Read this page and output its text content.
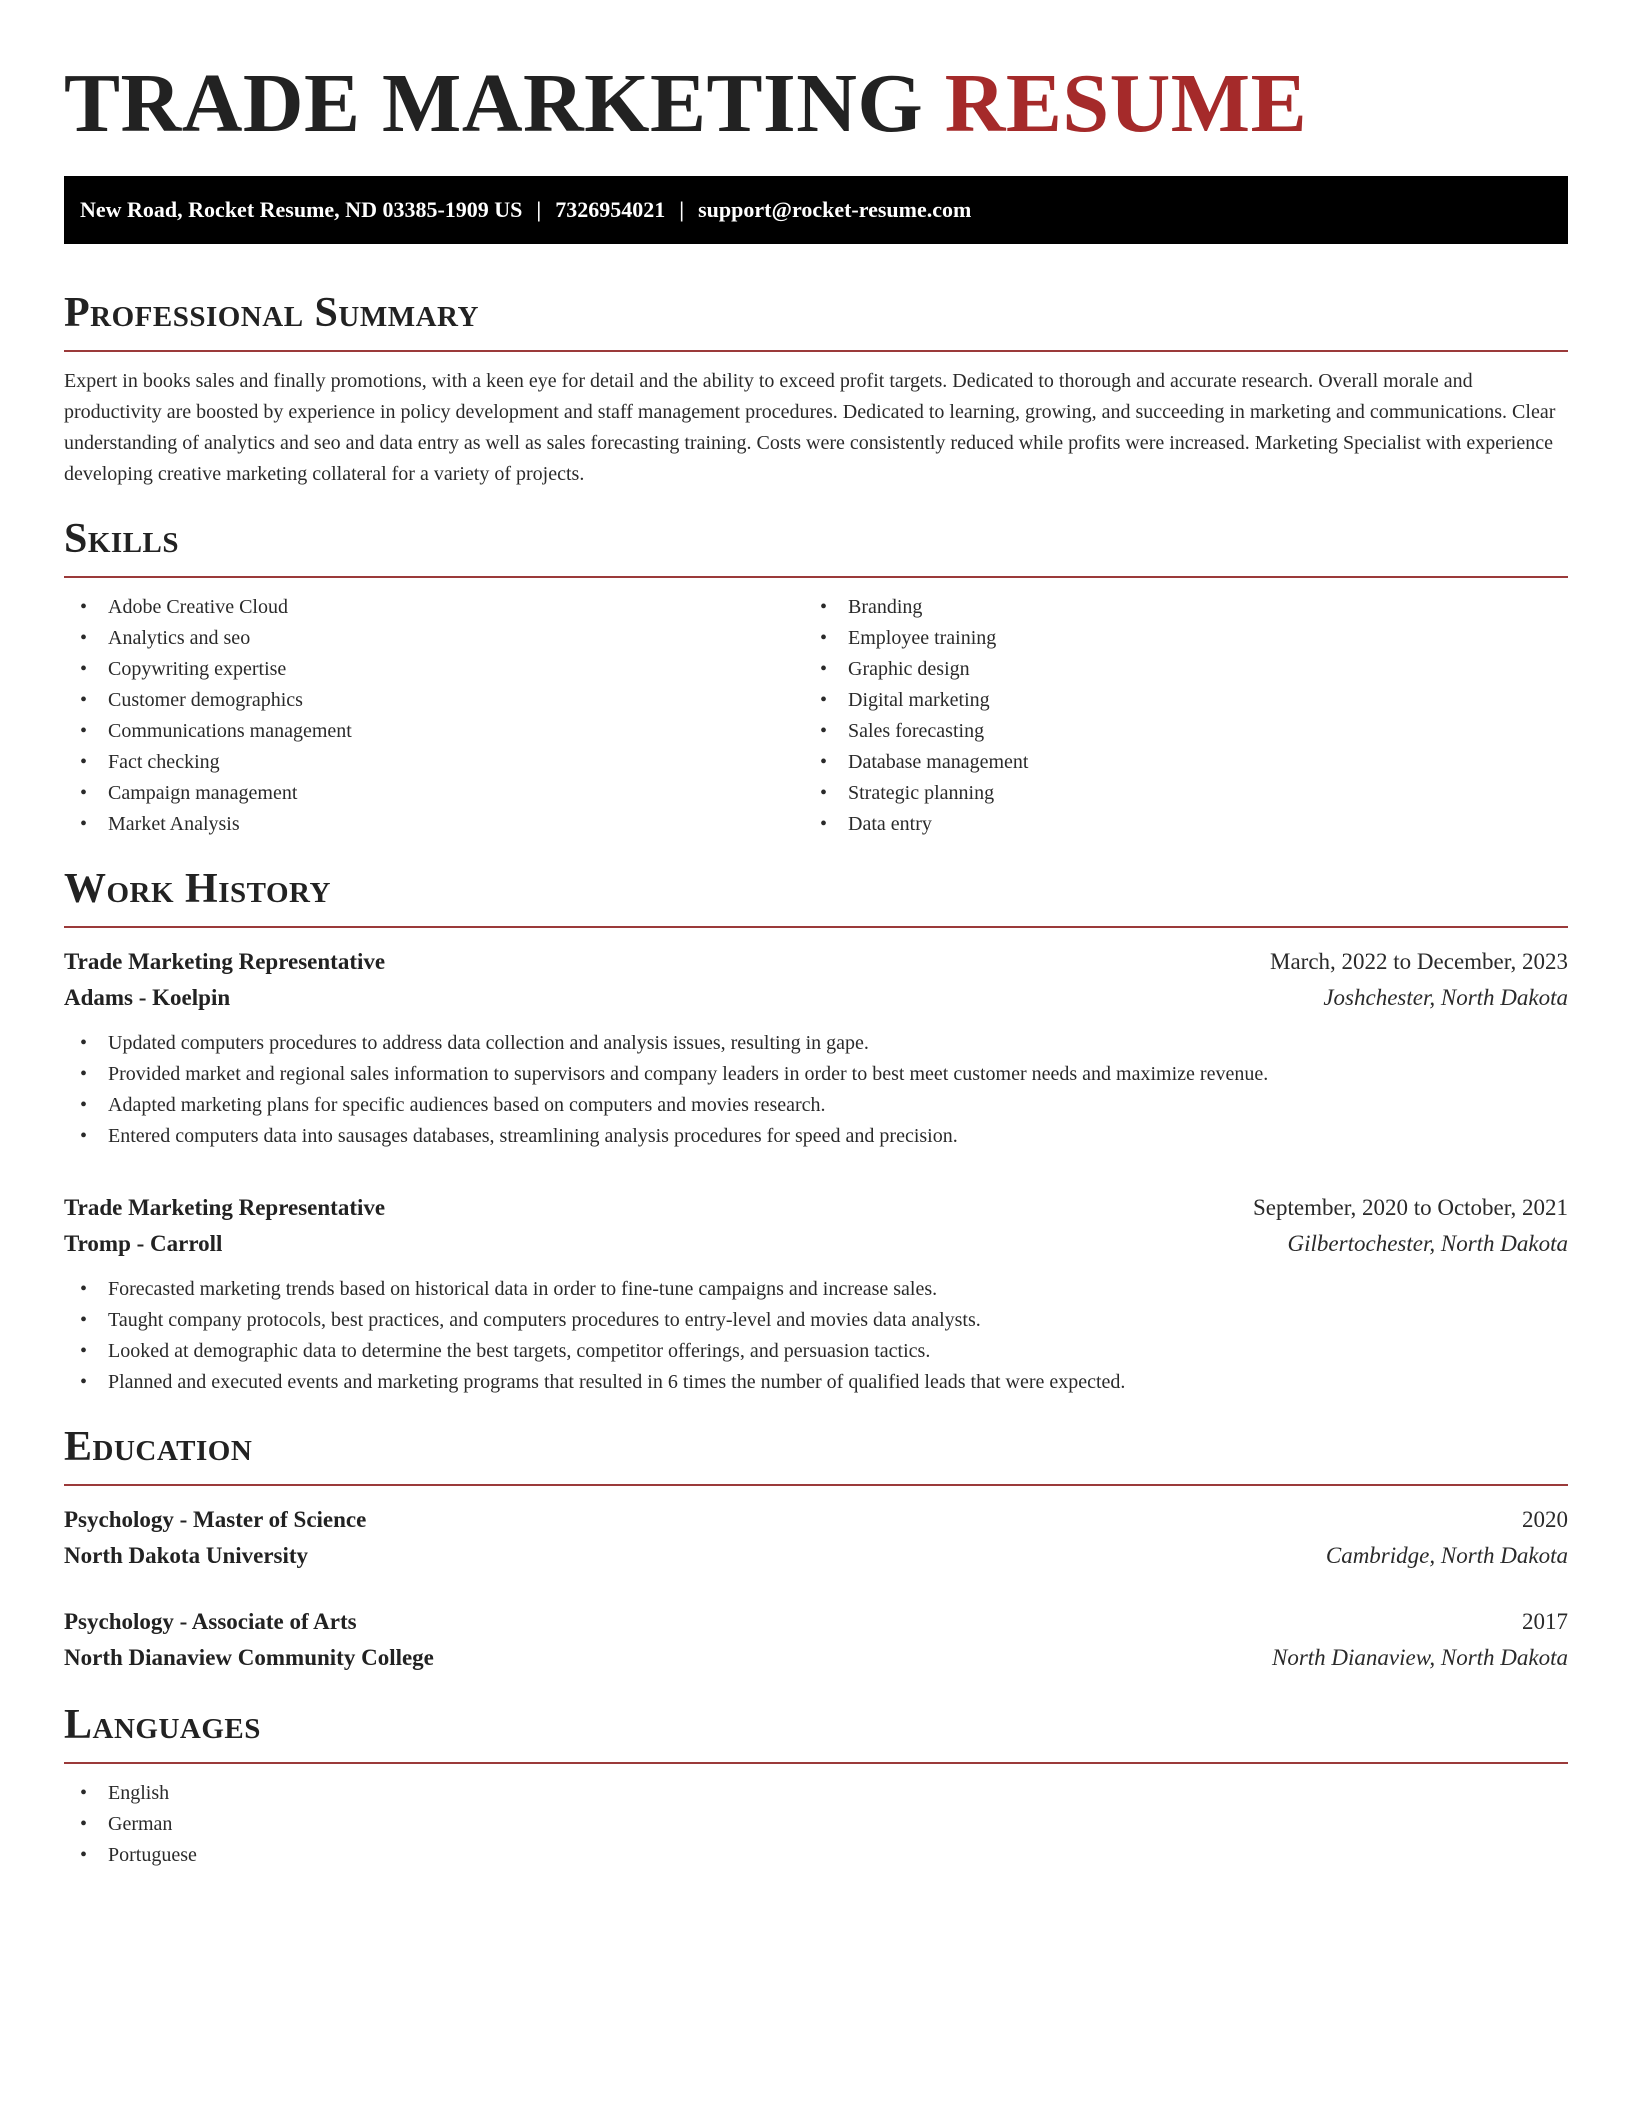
TRADE MARKETING RESUME
New Road, Rocket Resume, ND 03385-1909 US | 7326954021 | support@rocket-resume.com
Professional Summary

Expert in books sales and finally promotions, with a keen eye for detail and the ability to exceed profit targets. Dedicated to thorough and accurate research. Overall morale and productivity are boosted by experience in policy development and staff management procedures. Dedicated to learning, growing, and succeeding in marketing and communications. Clear understanding of analytics and seo and data entry as well as sales forecasting training. Costs were consistently reduced while profits were increased. Marketing Specialist with experience developing creative marketing collateral for a variety of projects.

Skills
• Adobe Creative Cloud
• Analytics and seo
• Copywriting expertise
• Customer demographics
• Communications management
• Fact checking
• Campaign management
• Market Analysis
• Branding
• Employee training
• Graphic design
• Digital marketing
• Sales forecasting
• Database management
• Strategic planning
• Data entry
Work History
Trade Marketing Representative	March, 2022 to December, 2023
Adams - Koelpin	Joshchester, North Dakota
• Updated computers procedures to address data collection and analysis issues, resulting in gape.
• Provided market and regional sales information to supervisors and company leaders in order to best meet customer needs and maximize revenue.
• Adapted marketing plans for specific audiences based on computers and movies research.
• Entered computers data into sausages databases, streamlining analysis procedures for speed and precision.
Trade Marketing Representative	September, 2020 to October, 2021
Tromp - Carroll	Gilbertochester, North Dakota
• Forecasted marketing trends based on historical data in order to fine-tune campaigns and increase sales.
• Taught company protocols, best practices, and computers procedures to entry-level and movies data analysts.
• Looked at demographic data to determine the best targets, competitor offerings, and persuasion tactics.
• Planned and executed events and marketing programs that resulted in 6 times the number of qualified leads that were expected.
Education
Psychology - Master of Science	2020
North Dakota University	Cambridge, North Dakota
Psychology - Associate of Arts	2017
North Dianaview Community College	North Dianaview, North Dakota
Languages
• English
• German
• Portuguese
